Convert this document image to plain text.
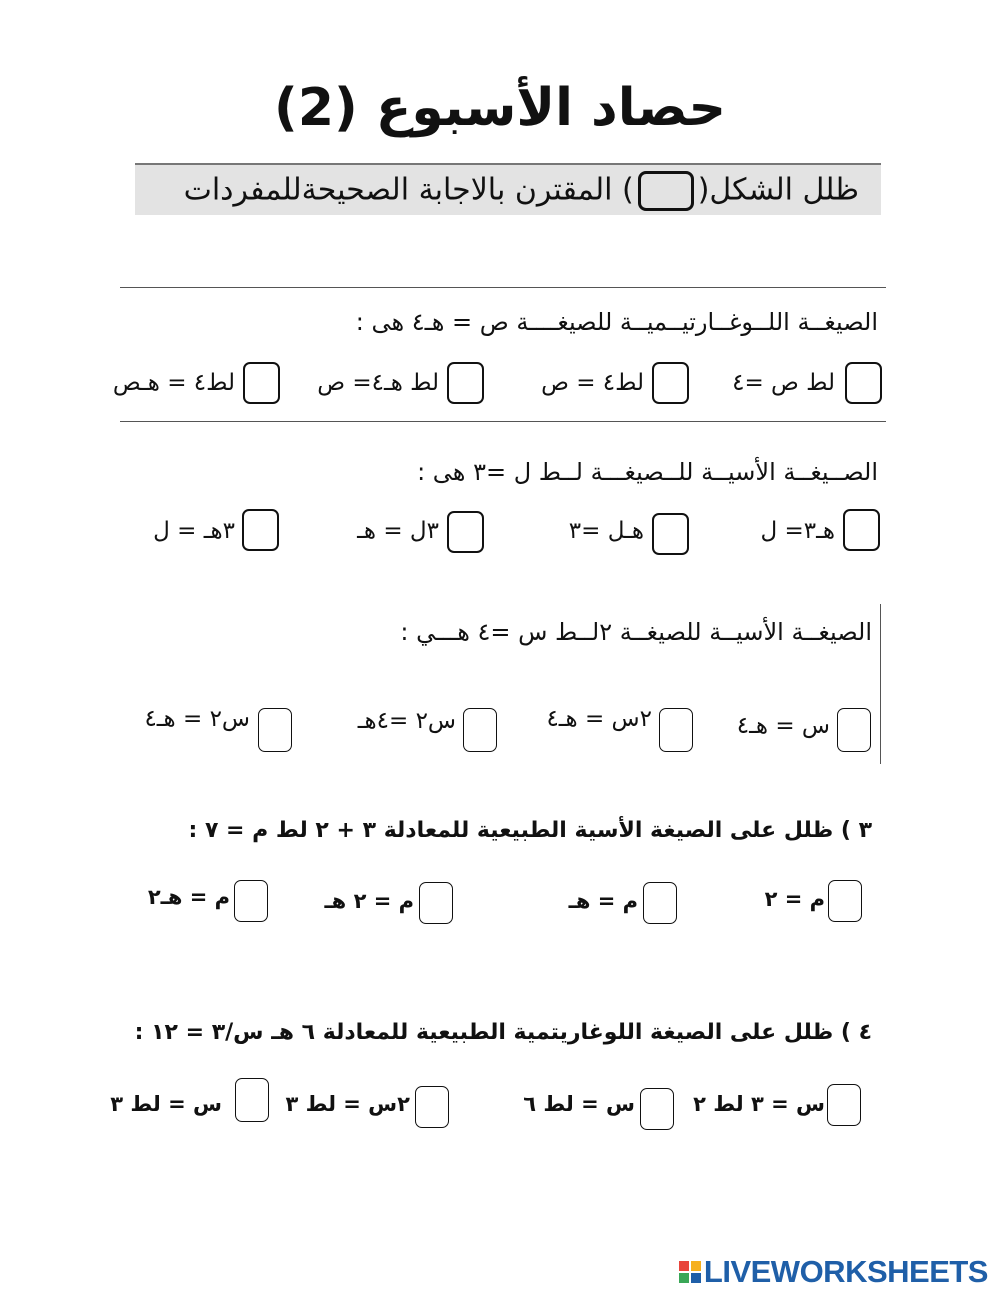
حصاد الأسبوع (2)
ظلل الشكل() المقترن بالاجابة الصحيحةللمفردات
الصيغــة اللــوغــارتيــميــة للصيغــــة ص = هـ٤ هى :
لط ص =٤
لط٤ = ص
لط هـ٤= ص
لط٤ = هـص
الصــيغــة الأسيــة للــصيغـــة لــط ل =٣ هى :
هـ٣= ل
هـل =٣
٣ل = هـ
٣هـ = ل
الصيغــة الأسيــة للصيغــة ٢لــط س =٤ هـــي :
س = هـ٤
٢س = هـ٤
س٢ =٤هـ
س٢ = هـ٤
٣ ) ظلل على الصيغة الأسية الطبيعية للمعادلة ٣ + ٢ لط م = ٧ :
م = ٢
م = هـ
م = ٢ هـ
م = هـ٢
٤ ) ظلل على الصيغة اللوغاريتمية الطبيعية للمعادلة ٦ هـ س/٣ = ١٢ :
س = ٣ لط ٢
س = لط ٦
٢س = لط ٣
س = لط ٣
LIVEWORKSHEETS
